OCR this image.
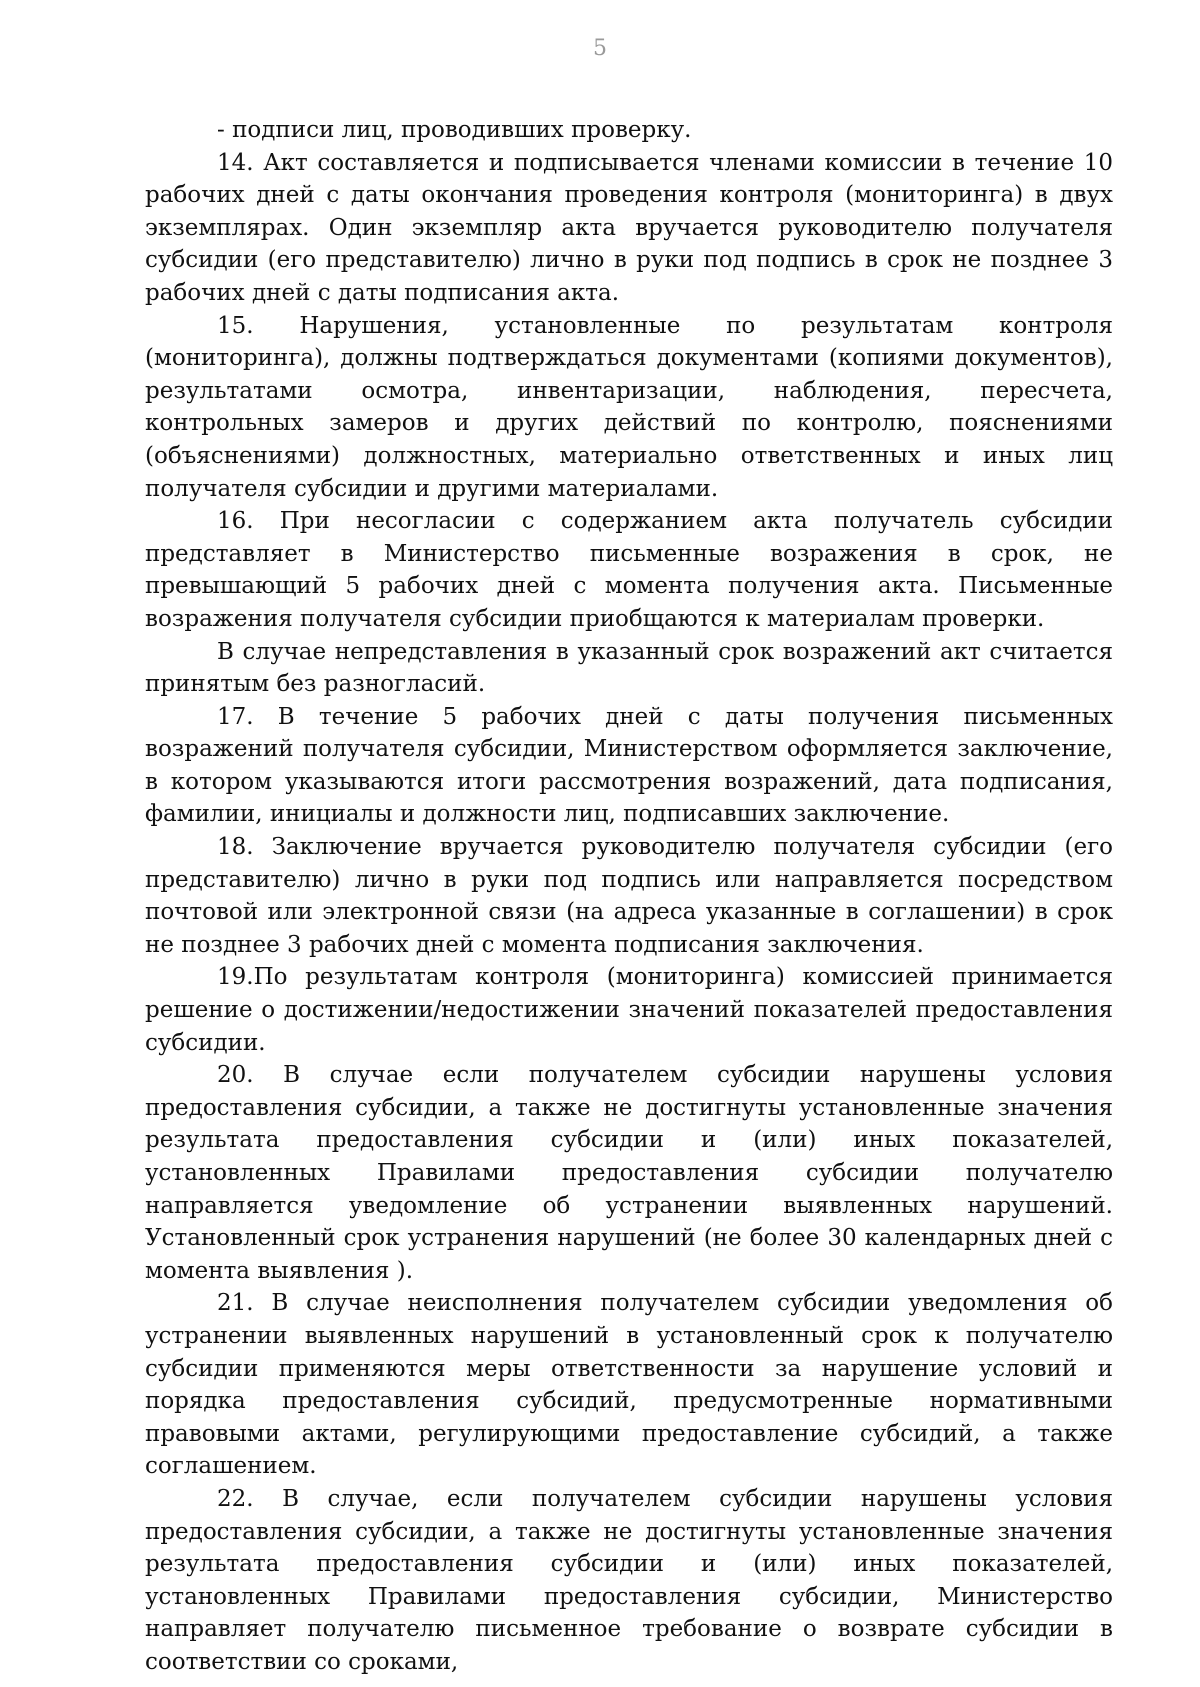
5

- подписи лиц, проводивших проверку.

14. Акт составляется и подписывается членами комиссии в течение 10 рабочих дней с даты окончания проведения контроля (мониторинга) в двух экземплярах. Один экземпляр акта вручается руководителю получателя субсидии (его представителю) лично в руки под подпись в срок не позднее 3 рабочих дней с даты подписания акта.

15. Нарушения, установленные по результатам контроля (мониторинга), должны подтверждаться документами (копиями документов), результатами осмотра, инвентаризации, наблюдения, пересчета, контрольных замеров и других действий по контролю, пояснениями (объяснениями) должностных, материально ответственных и иных лиц получателя субсидии и другими материалами.

16. При несогласии с содержанием акта получатель субсидии представляет в Министерство письменные возражения в срок, не превышающий 5 рабочих дней с момента получения акта. Письменные возражения получателя субсидии приобщаются к материалам проверки.

В случае непредставления в указанный срок возражений акт считается принятым без разногласий.

17. В течение 5 рабочих дней с даты получения письменных возражений получателя субсидии, Министерством оформляется заключение, в котором указываются итоги рассмотрения возражений, дата подписания, фамилии, инициалы и должности лиц, подписавших заключение.

18. Заключение вручается руководителю получателя субсидии (его представителю) лично в руки под подпись или направляется посредством почтовой или электронной связи (на адреса указанные в соглашении) в срок не позднее 3 рабочих дней с момента подписания заключения.

19.По результатам контроля (мониторинга) комиссией принимается решение о достижении/недостижении значений показателей предоставления субсидии.

20. В случае если получателем субсидии нарушены условия предоставления субсидии, а также не достигнуты установленные значения результата предоставления субсидии и (или) иных показателей, установленных Правилами предоставления субсидии получателю направляется уведомление об устранении выявленных нарушений. Установленный срок устранения нарушений (не более 30 календарных дней с момента выявления ).

21. В случае неисполнения получателем субсидии уведомления об устранении выявленных нарушений в установленный срок к получателю субсидии применяются меры ответственности за нарушение условий и порядка предоставления субсидий, предусмотренные нормативными правовыми актами, регулирующими предоставление субсидий, а также соглашением.

22. В случае, если получателем субсидии нарушены условия предоставления субсидии, а также не достигнуты установленные значения результата предоставления субсидии и (или) иных показателей, установленных Правилами предоставления субсидии, Министерство направляет получателю письменное требование о возврате субсидии в соответствии со сроками,
